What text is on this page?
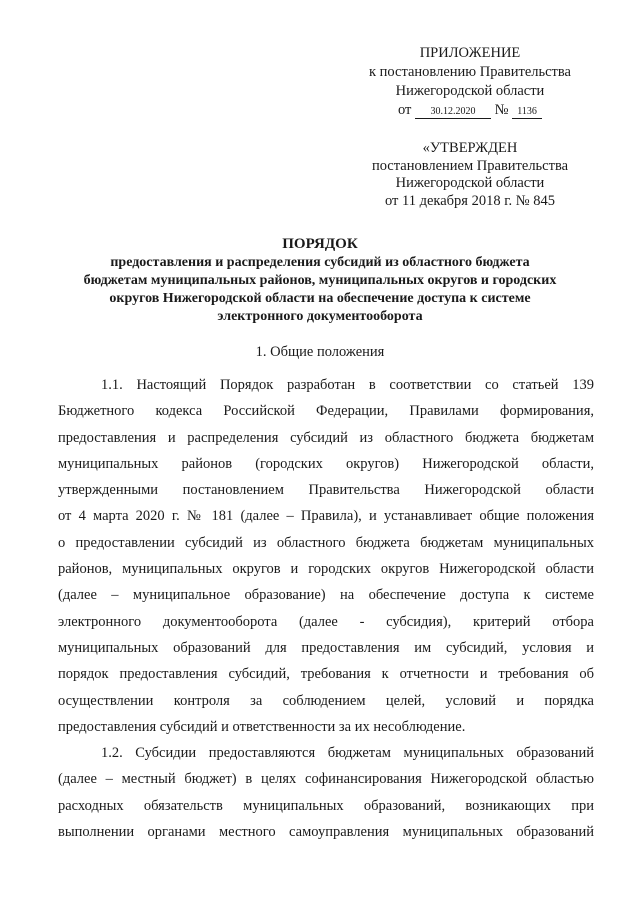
ПРИЛОЖЕНИЕ
к постановлению Правительства
Нижегородской области
от 30.12.2020 № 1136
«УТВЕРЖДЕН
постановлением Правительства
Нижегородской области
от 11 декабря 2018 г. № 845
ПОРЯДОК
предоставления и распределения субсидий из областного бюджета
бюджетам муниципальных районов, муниципальных округов и городских
округов Нижегородской области на обеспечение доступа к системе
электронного документооборота
1. Общие положения
1.1. Настоящий Порядок разработан в соответствии со статьей 139
Бюджетного кодекса Российской Федерации, Правилами формирования,
предоставления и распределения субсидий из областного бюджета бюджетам
муниципальных районов (городских округов) Нижегородской области,
утвержденными постановлением Правительства Нижегородской области
от 4 марта 2020 г. № 181 (далее – Правила), и устанавливает общие положения
о предоставлении субсидий из областного бюджета бюджетам муниципальных
районов, муниципальных округов и городских округов Нижегородской области
(далее – муниципальное образование) на обеспечение доступа к системе
электронного документооборота (далее - субсидия), критерий отбора
муниципальных образований для предоставления им субсидий, условия и
порядок предоставления субсидий, требования к отчетности и требования об
осуществлении контроля за соблюдением целей, условий и порядка
предоставления субсидий и ответственности за их несоблюдение.
1.2. Субсидии предоставляются бюджетам муниципальных образований
(далее – местный бюджет) в целях софинансирования Нижегородской областью
расходных обязательств муниципальных образований, возникающих при
выполнении органами местного самоуправления муниципальных образований
